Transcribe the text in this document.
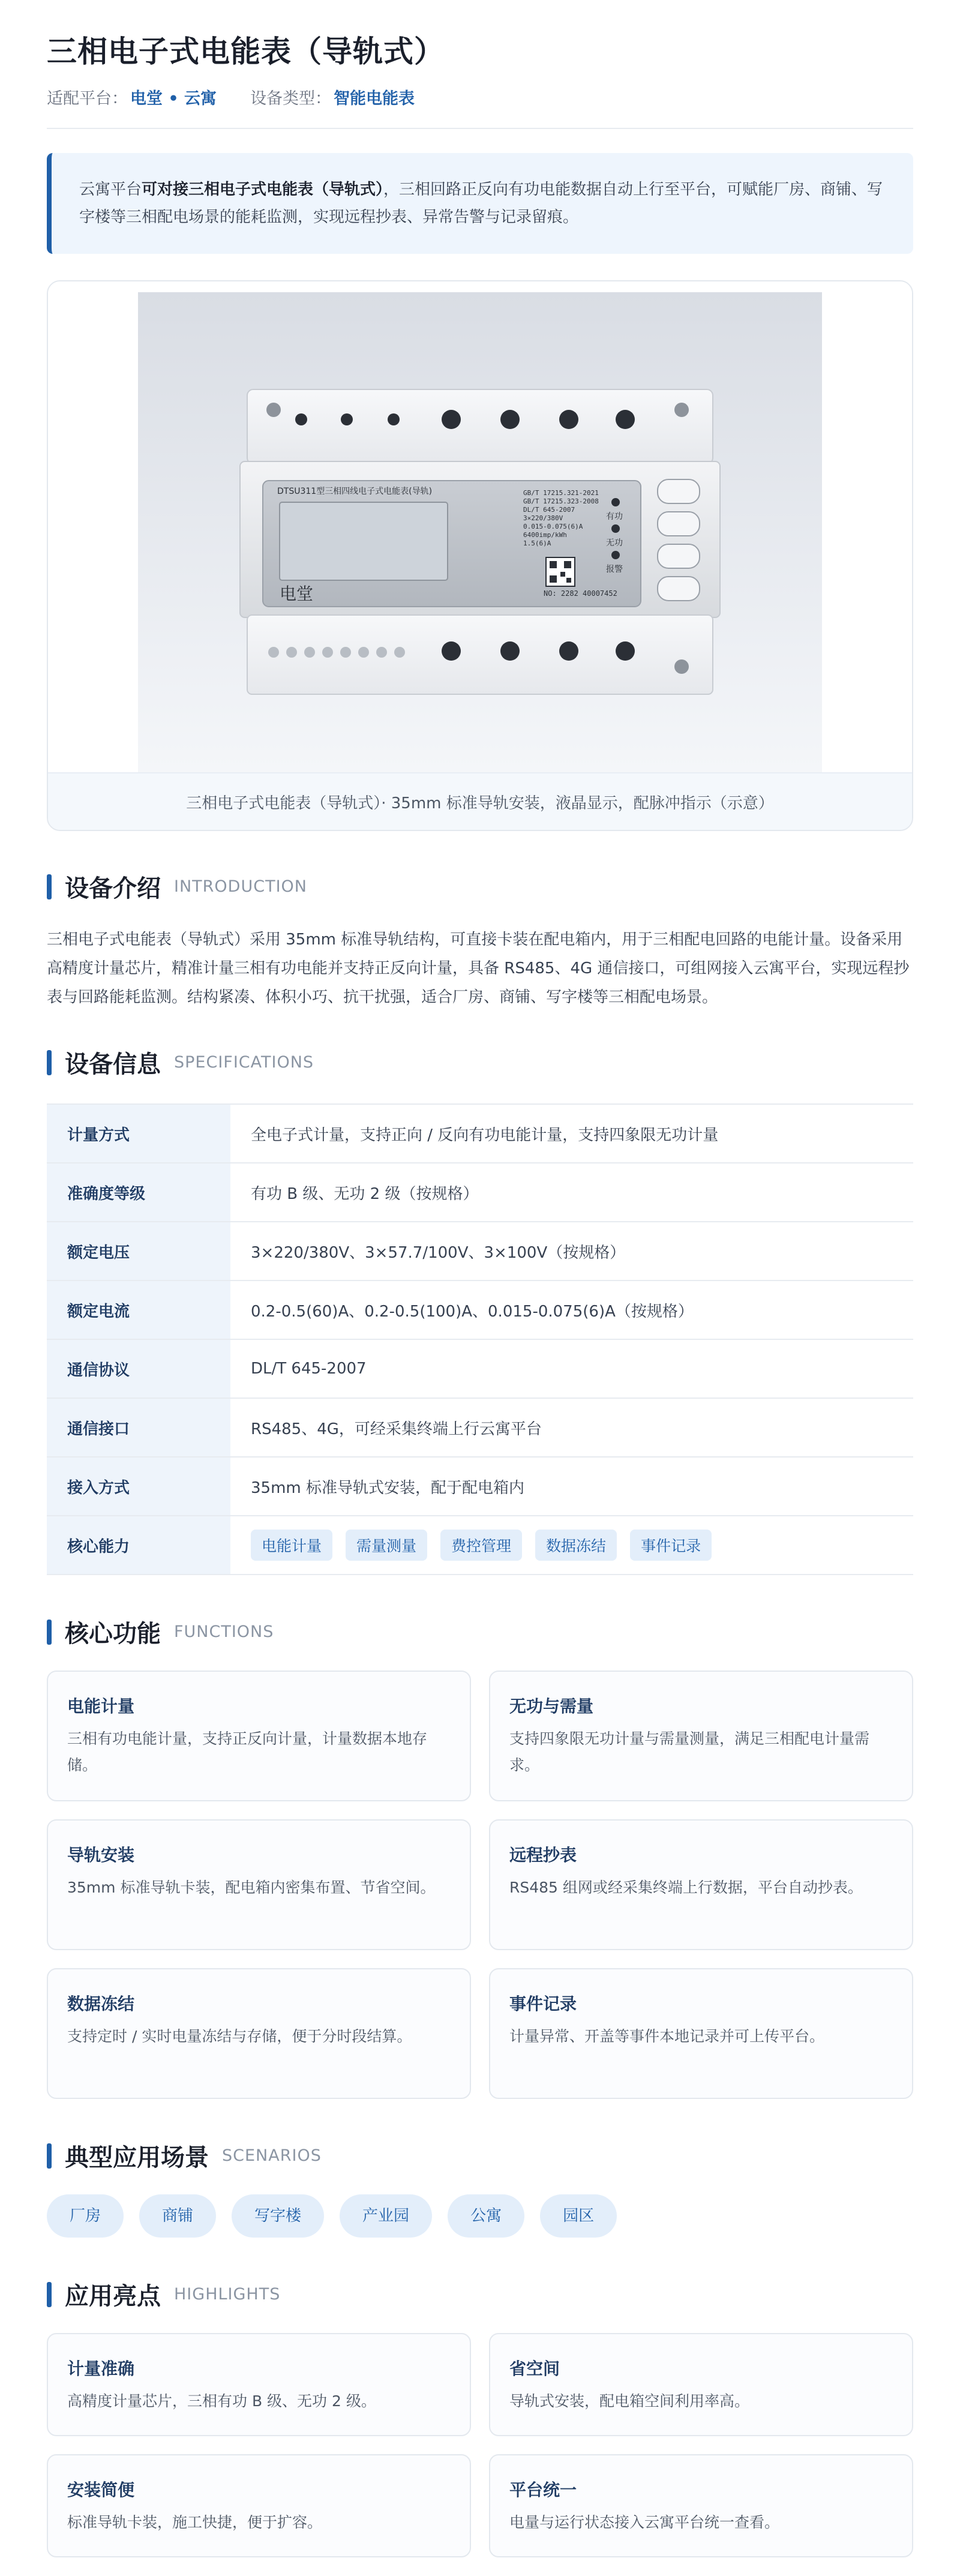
三相电子式电能表（导轨式）
适配平台： 电堂 • 云寓 设备类型： 智能电能表
云寓平台可对接三相电子式电能表（导轨式），三相回路正反向有功电能数据自动上行至平台，可赋能厂房、商铺、写字楼等三相配电场景的能耗监测，实现远程抄表、异常告警与记录留痕。
DTSU311型三相四线电子式电能表(导轨)
电堂
GB/T 17215.321-2021
GB/T 17215.323-2008
DL/T 645-2007
3×220/380V
0.015-0.075(6)A
6400imp/kWh
1.5(6)A
NO: 2282 40007452
有功
无功
报警
三相电子式电能表（导轨式）· 35mm 标准导轨安装，液晶显示，配脉冲指示（示意）
设备介绍 INTRODUCTION

三相电子式电能表（导轨式）采用 35mm 标准导轨结构，可直接卡装在配电箱内，用于三相配电回路的电能计量。设备采用高精度计量芯片，精准计量三相有功电能并支持正反向计量，具备 RS485、4G 通信接口，可组网接入云寓平台，实现远程抄表与回路能耗监测。结构紧凑、体积小巧、抗干扰强，适合厂房、商铺、写字楼等三相配电场景。

设备信息 SPECIFICATIONS
计量方式	全电子式计量，支持正向 / 反向有功电能计量，支持四象限无功计量
准确度等级	有功 B 级、无功 2 级（按规格）
额定电压	3×220/380V、3×57.7/100V、3×100V（按规格）
额定电流	0.2-0.5(60)A、0.2-0.5(100)A、0.015-0.075(6)A（按规格）
通信协议	DL/T 645-2007
通信接口	RS485、4G，可经采集终端上行云寓平台
接入方式	35mm 标准导轨式安装，配于配电箱内
核心能力	电能计量	需量测量	费控管理	数据冻结	事件记录
核心功能 FUNCTIONS
电能计量
三相有功电能计量，支持正反向计量，计量数据本地存储。
无功与需量
支持四象限无功计量与需量测量，满足三相配电计量需求。
导轨安装
35mm 标准导轨卡装，配电箱内密集布置、节省空间。
远程抄表
RS485 组网或经采集终端上行数据，平台自动抄表。
数据冻结
支持定时 / 实时电量冻结与存储，便于分时段结算。
事件记录
计量异常、开盖等事件本地记录并可上传平台。
典型应用场景 SCENARIOS
厂房	商铺	写字楼	产业园	公寓	园区
应用亮点 HIGHLIGHTS
计量准确
高精度计量芯片，三相有功 B 级、无功 2 级。
省空间
导轨式安装，配电箱空间利用率高。
安装简便
标准导轨卡装，施工快捷，便于扩容。
平台统一
电量与运行状态接入云寓平台统一查看。
